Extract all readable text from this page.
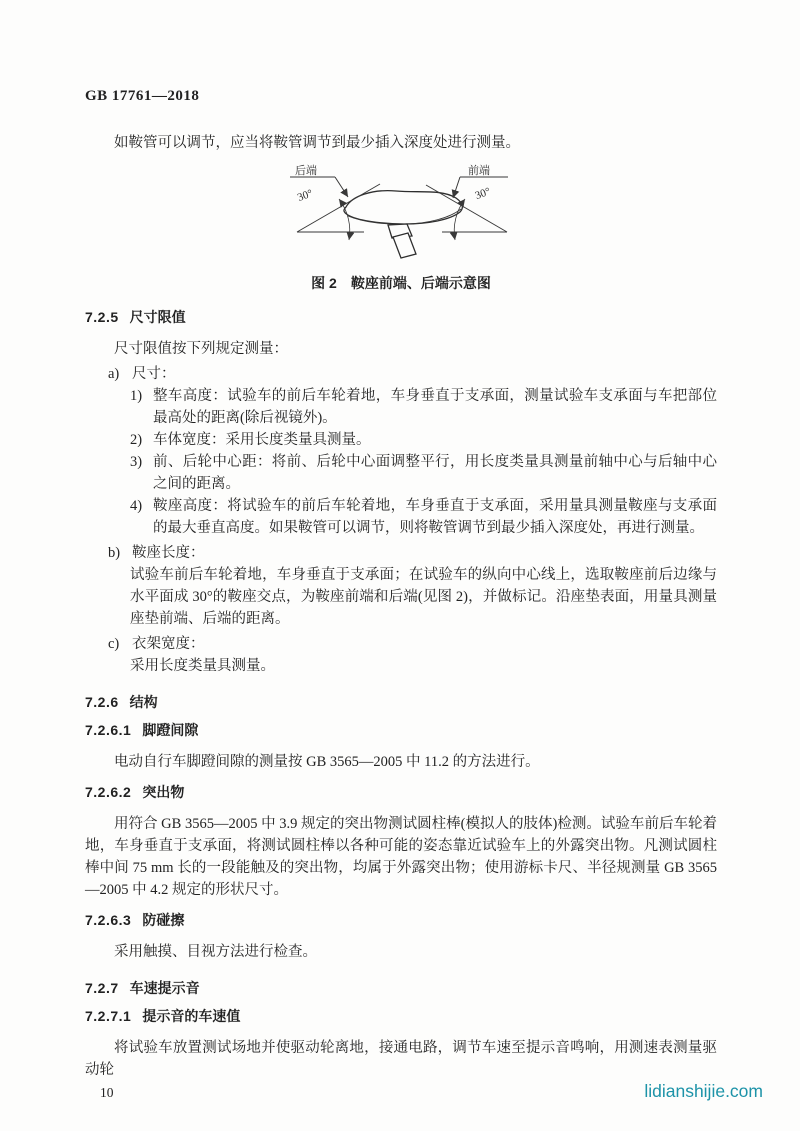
GB 17761—2018
如鞍管可以调节，应当将鞍管调节到最少插入深度处进行测量。
后端
30°
前端
30°
图 2 鞍座前端、后端示意图
7.2.5 尺寸限值
尺寸限值按下列规定测量：
a) 尺寸：
1) 整车高度：试验车的前后车轮着地，车身垂直于支承面，测量试验车支承面与车把部位最高处的距离(除后视镜外)。
2) 车体宽度：采用长度类量具测量。
3) 前、后轮中心距：将前、后轮中心面调整平行，用长度类量具测量前轴中心与后轴中心之间的距离。
4) 鞍座高度：将试验车的前后车轮着地，车身垂直于支承面，采用量具测量鞍座与支承面的最大垂直高度。如果鞍管可以调节，则将鞍管调节到最少插入深度处，再进行测量。
b) 鞍座长度：
试验车前后车轮着地，车身垂直于支承面；在试验车的纵向中心线上，选取鞍座前后边缘与水平面成 30°的鞍座交点，为鞍座前端和后端(见图 2)，并做标记。沿座垫表面，用量具测量座垫前端、后端的距离。
c) 衣架宽度：
采用长度类量具测量。
7.2.6 结构
7.2.6.1 脚蹬间隙
电动自行车脚蹬间隙的测量按 GB 3565—2005 中 11.2 的方法进行。
7.2.6.2 突出物
用符合 GB 3565—2005 中 3.9 规定的突出物测试圆柱棒(模拟人的肢体)检测。试验车前后车轮着地，车身垂直于支承面，将测试圆柱棒以各种可能的姿态靠近试验车上的外露突出物。凡测试圆柱棒中间 75 mm 长的一段能触及的突出物，均属于外露突出物；使用游标卡尺、半径规测量 GB 3565—2005 中 4.2 规定的形状尺寸。
7.2.6.3 防碰擦
采用触摸、目视方法进行检查。
7.2.7 车速提示音
7.2.7.1 提示音的车速值
将试验车放置测试场地并使驱动轮离地，接通电路，调节车速至提示音鸣响，用测速表测量驱动轮
10	lidianshijie.com
